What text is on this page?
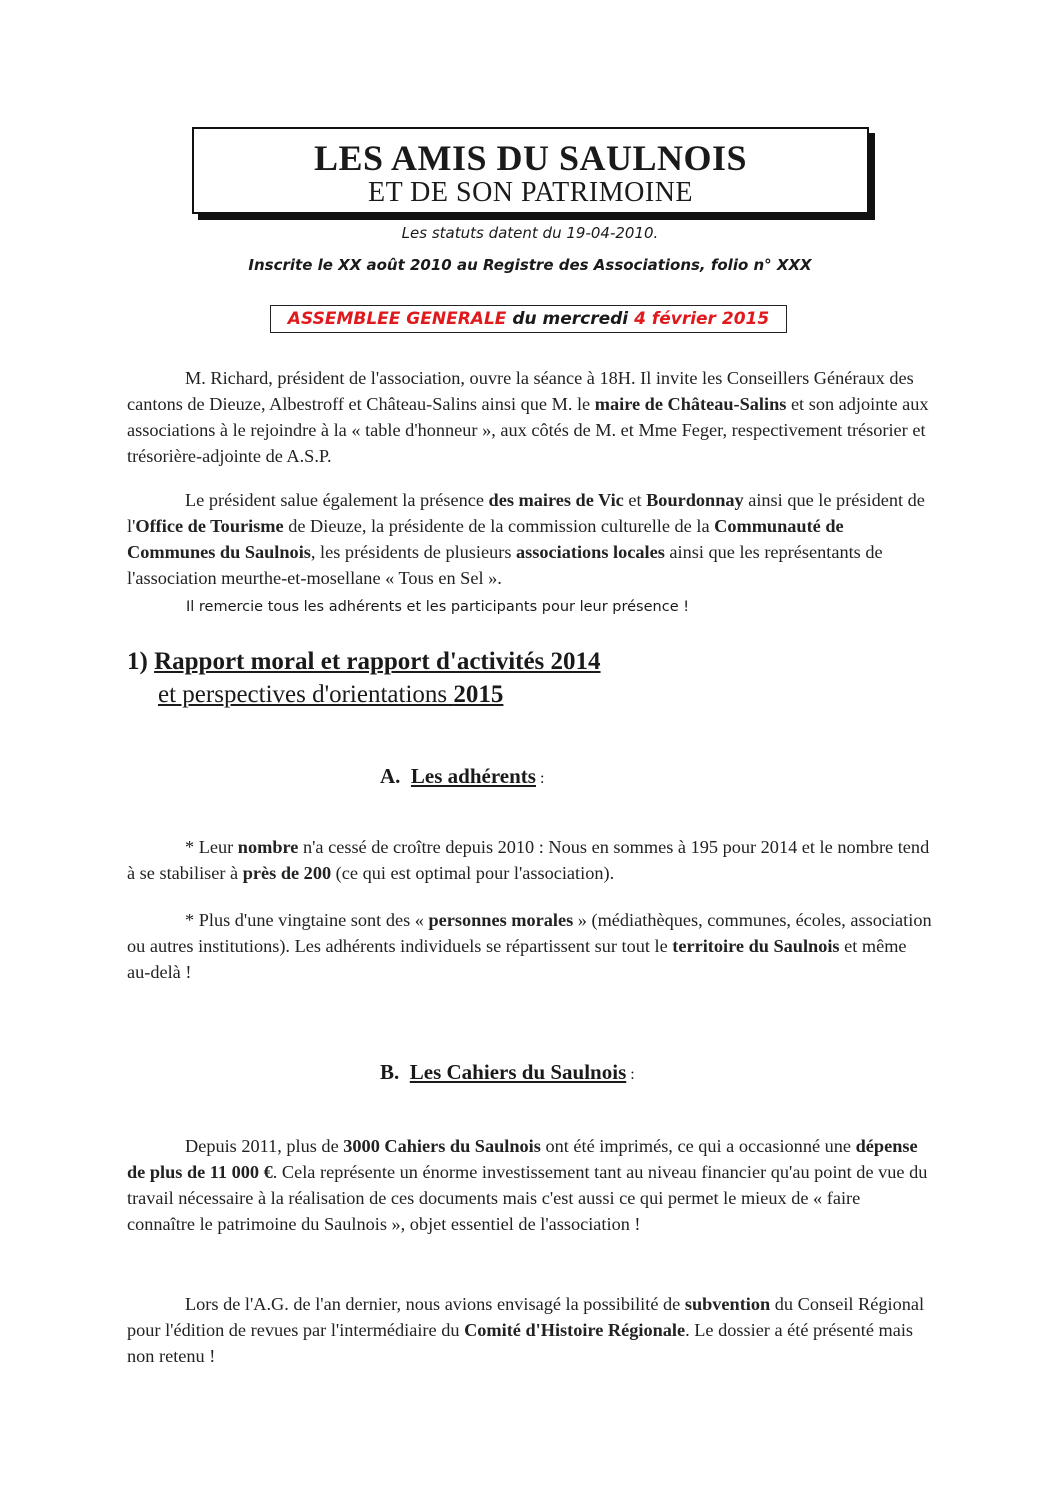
LES AMIS DU SAULNOIS
ET DE SON PATRIMOINE
Les statuts datent du 19-04-2010.
Inscrite le XX août 2010 au Registre des Associations, folio n° XXX
ASSEMBLEE GENERALE du mercredi 4 février 2015
M. Richard, président de l'association, ouvre la séance à 18H. Il invite les Conseillers Généraux des cantons de Dieuze, Albestroff et Château-Salins ainsi que M. le maire de Château-Salins et son adjointe aux associations à le rejoindre à la « table d'honneur », aux côtés de M. et Mme Feger, respectivement trésorier et trésorière-adjointe de A.S.P.
Le président salue également la présence des maires de Vic et Bourdonnay ainsi que le président de l'Office de Tourisme de Dieuze, la présidente de la commission culturelle de la Communauté de Communes du Saulnois, les présidents de plusieurs associations locales ainsi que les représentants de l'association meurthe-et-mosellane « Tous en Sel ».
Il remercie tous les adhérents et les participants pour leur présence !
1) Rapport moral et rapport d'activités 2014
et perspectives d'orientations 2015
A. Les adhérents :
* Leur nombre n'a cessé de croître depuis 2010 : Nous en sommes à 195 pour 2014 et le nombre tend à se stabiliser à près de 200 (ce qui est optimal pour l'association).
* Plus d'une vingtaine sont des « personnes morales » (médiathèques, communes, écoles, association ou autres institutions). Les adhérents individuels se répartissent sur tout le territoire du Saulnois et même au-delà !
B. Les Cahiers du Saulnois :
Depuis 2011, plus de 3000 Cahiers du Saulnois ont été imprimés, ce qui a occasionné une dépense de plus de 11 000 €. Cela représente un énorme investissement tant au niveau financier qu'au point de vue du travail nécessaire à la réalisation de ces documents mais c'est aussi ce qui permet le mieux de « faire connaître le patrimoine du Saulnois », objet essentiel de l'association !
Lors de l'A.G. de l'an dernier, nous avions envisagé la possibilité de subvention du Conseil Régional pour l'édition de revues par l'intermédiaire du Comité d'Histoire Régionale. Le dossier a été présenté mais non retenu !
